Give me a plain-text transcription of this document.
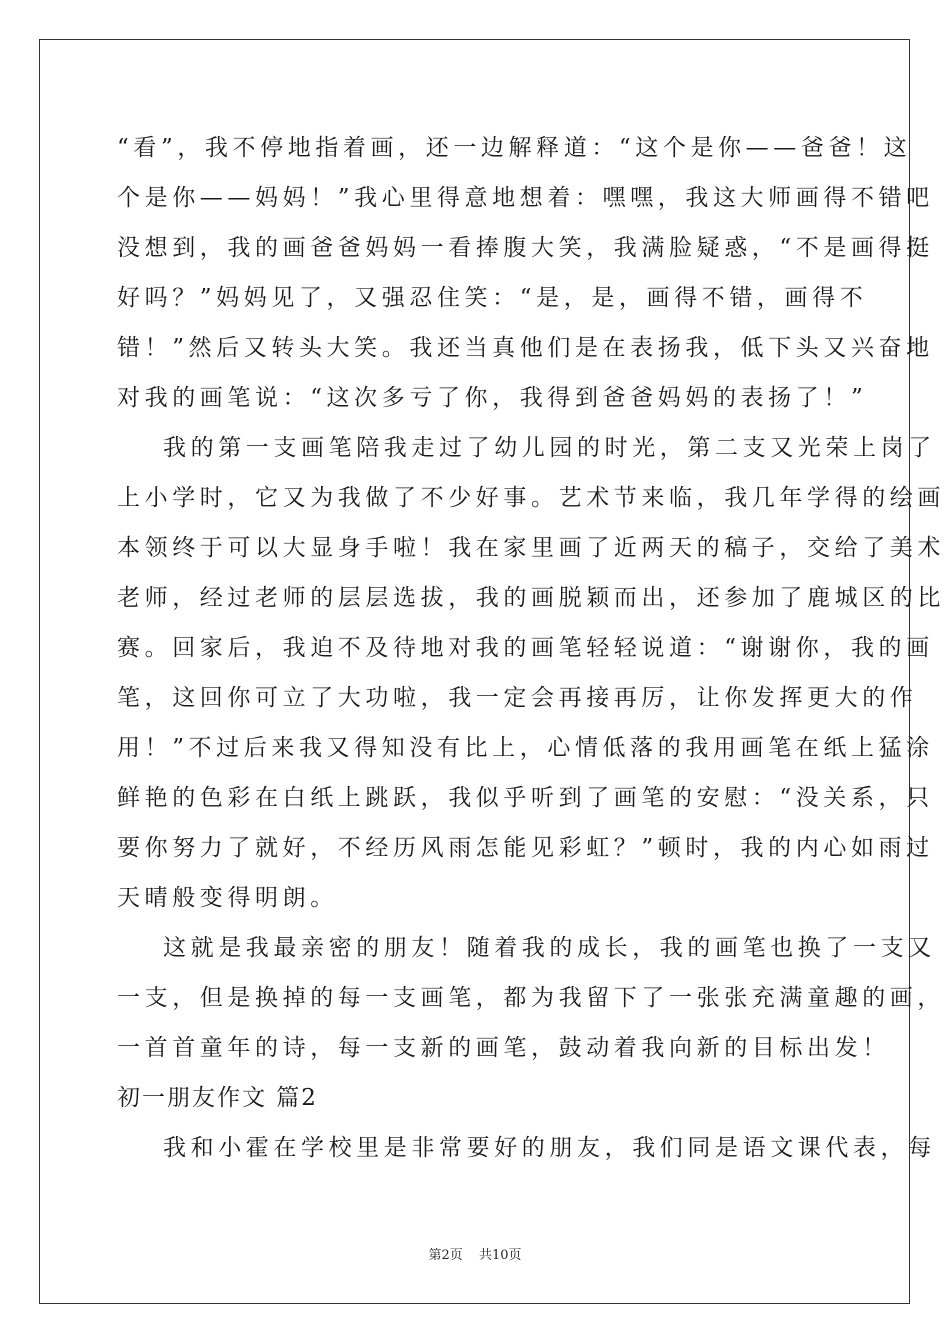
“看”，我不停地指着画，还一边解释道：“这个是你——爸爸！这
个是你——妈妈！”我心里得意地想着：嘿嘿，我这大师画得不错吧
没想到，我的画爸爸妈妈一看捧腹大笑，我满脸疑惑，“不是画得挺
好吗？”妈妈见了，又强忍住笑：“是，是，画得不错，画得不
错！”然后又转头大笑。我还当真他们是在表扬我，低下头又兴奋地
对我的画笔说：“这次多亏了你，我得到爸爸妈妈的表扬了！”
我的第一支画笔陪我走过了幼儿园的时光，第二支又光荣上岗了
上小学时，它又为我做了不少好事。艺术节来临，我几年学得的绘画
本领终于可以大显身手啦！我在家里画了近两天的稿子，交给了美术
老师，经过老师的层层选拔，我的画脱颖而出，还参加了鹿城区的比
赛。回家后，我迫不及待地对我的画笔轻轻说道：“谢谢你，我的画
笔，这回你可立了大功啦，我一定会再接再厉，让你发挥更大的作
用！”不过后来我又得知没有比上，心情低落的我用画笔在纸上猛涂
鲜艳的色彩在白纸上跳跃，我似乎听到了画笔的安慰：“没关系，只
要你努力了就好，不经历风雨怎能见彩虹？”顿时，我的内心如雨过
天晴般变得明朗。
这就是我最亲密的朋友！随着我的成长，我的画笔也换了一支又
一支，但是换掉的每一支画笔，都为我留下了一张张充满童趣的画，
一首首童年的诗，每一支新的画笔，鼓动着我向新的目标出发！
初一朋友作文 篇2
我和小霍在学校里是非常要好的朋友，我们同是语文课代表，每
第2页 共10页
